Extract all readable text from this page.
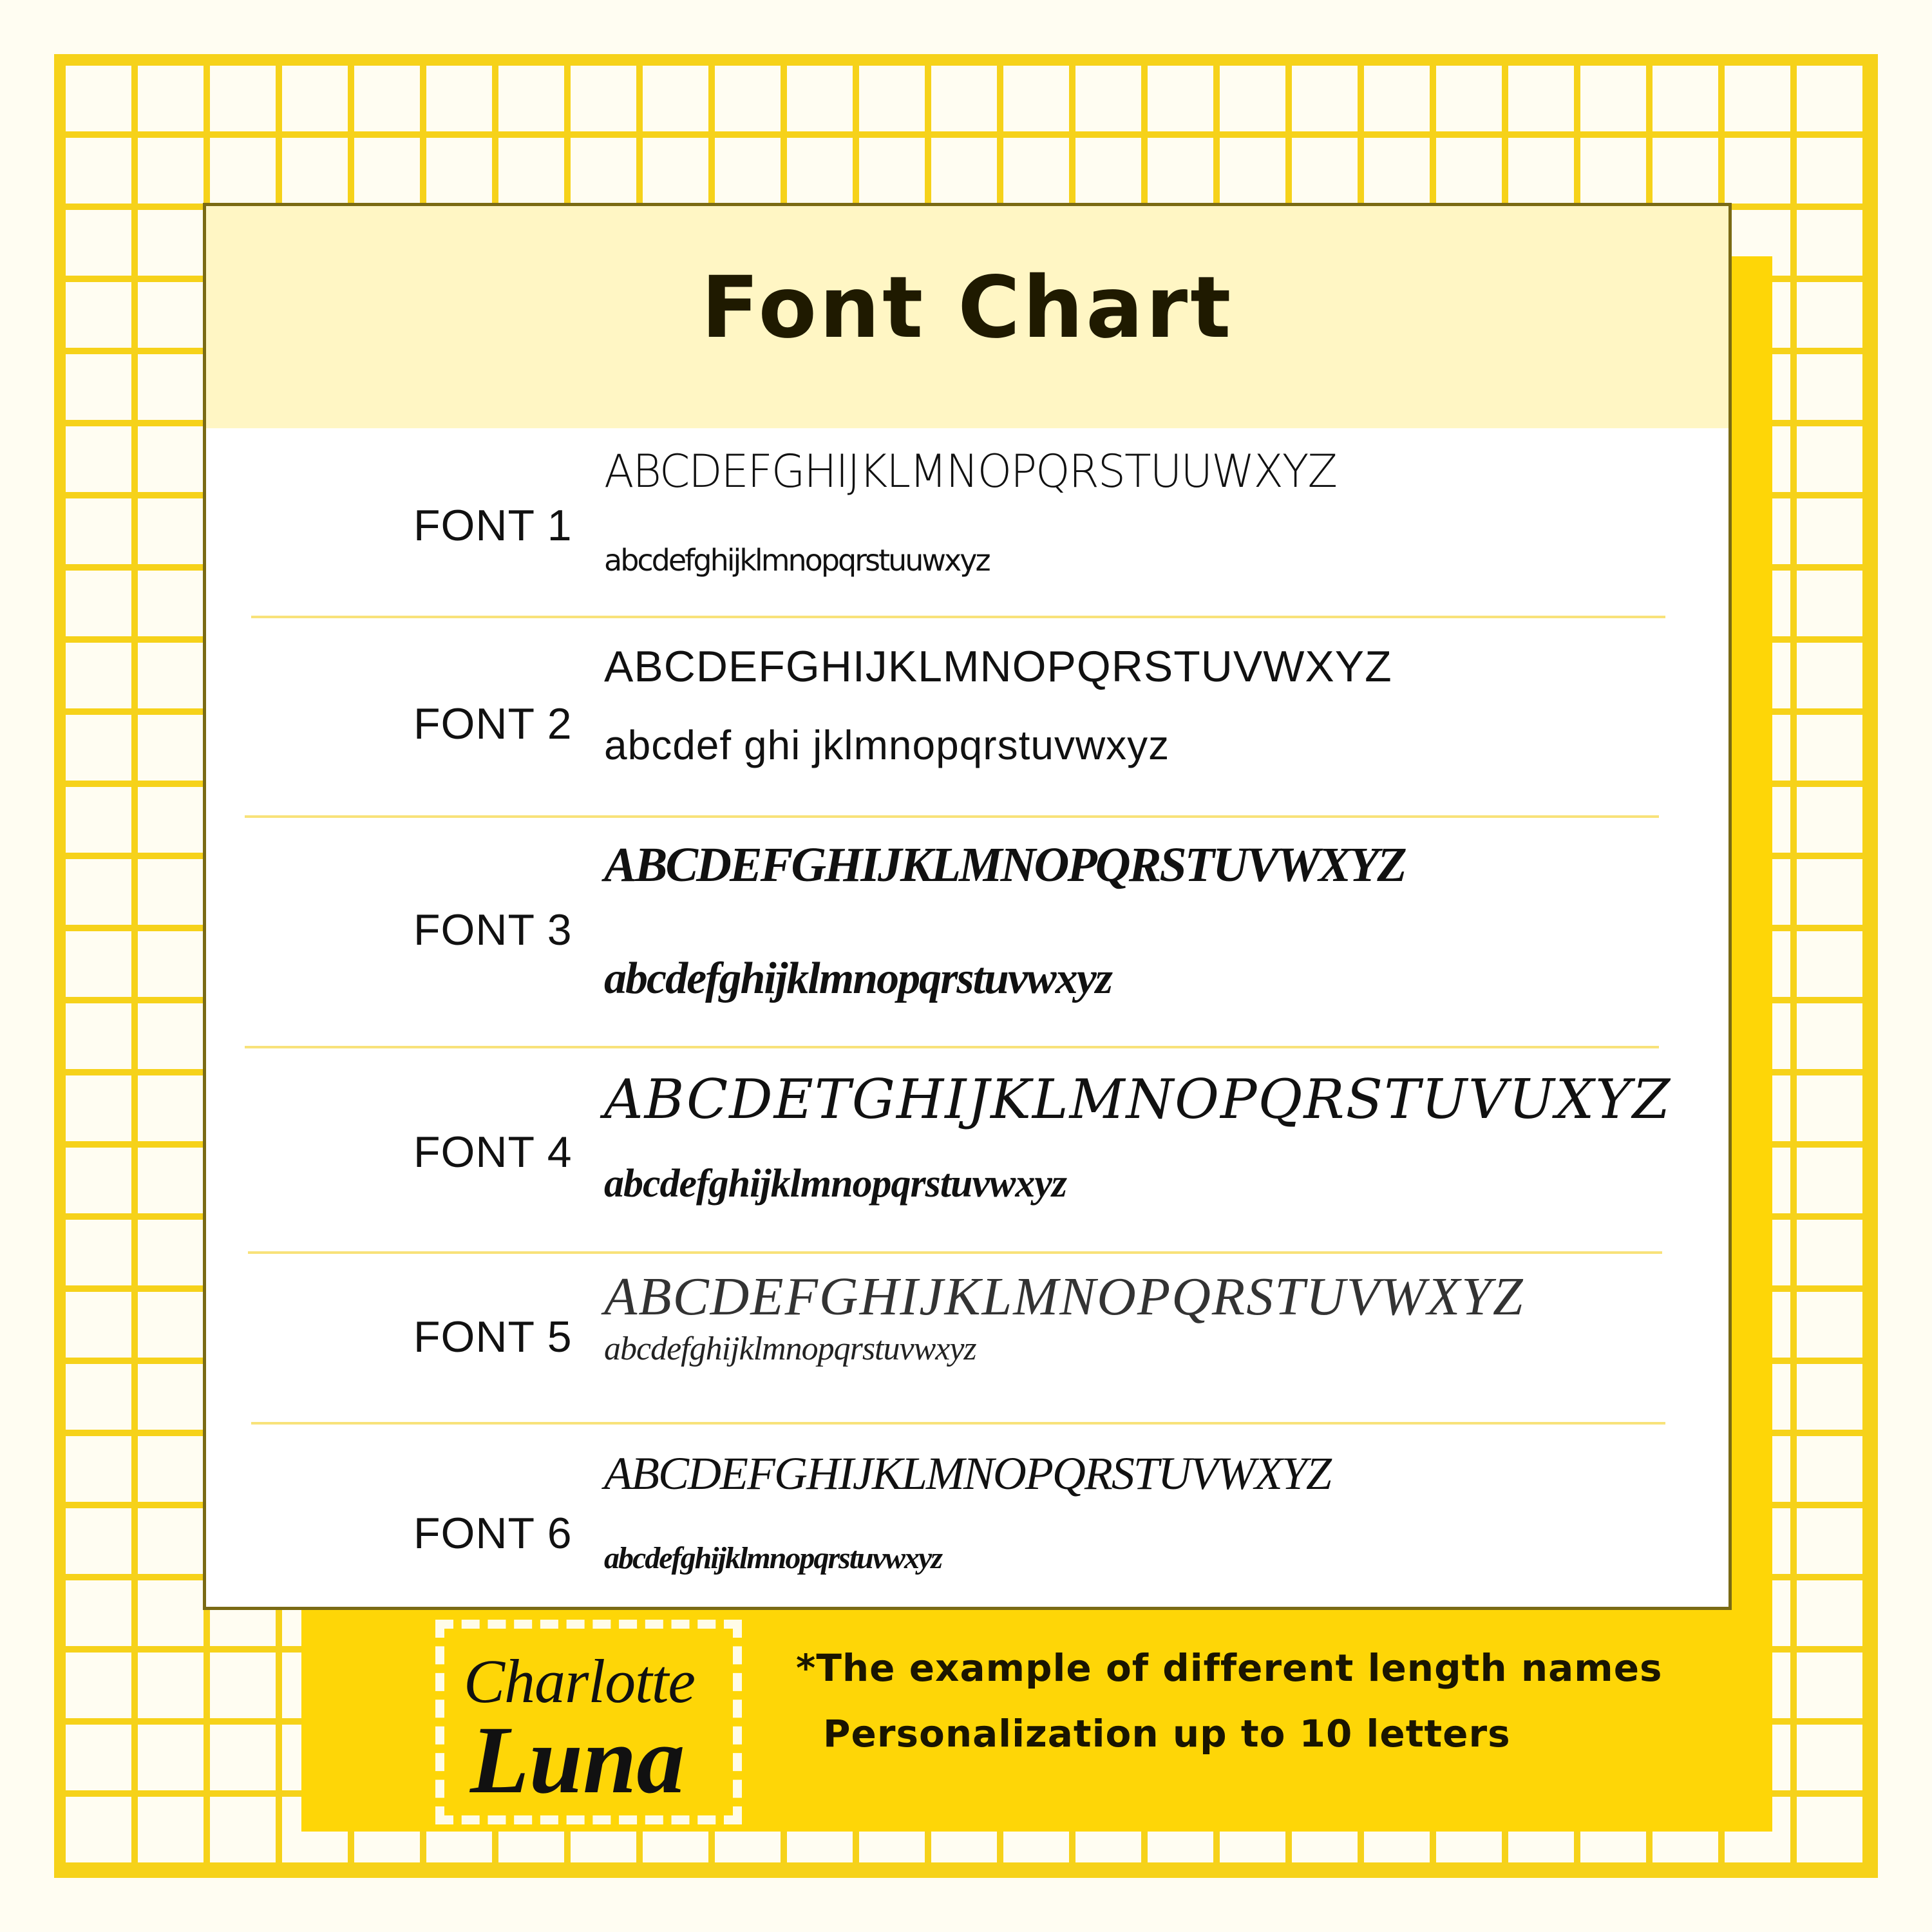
Font Chart
FONT 1
ABCDEFGHIJKLMNOPQRSTUUWXYZ
abcdefghijklmnopqrstuuwxyz
FONT 2
ABCDEFGHIJKLMNOPQRSTUVWXYZ
abcdef ghi jklmnopqrstuvwxyz
FONT 3
ABCDEFGHIJKLMNOPQRSTUVWXYZ
abcdefghijklmnopqrstuvwxyz
FONT 4
ABCDETGHIJKLMNOPQRSTUVUXYZ
abcdefghijklmnopqrstuvwxyz
FONT 5
ABCDEFGHIJKLMNOPQRSTUVWXYZ
abcdefghijklmnopqrstuvwxyz
FONT 6
ABCDEFGHIJKLMNOPQRSTUVWXYZ
abcdefghijklmnopqrstuvwxyz
Charlotte
Luna
*The example of different length names
Personalization up to 10 letters
